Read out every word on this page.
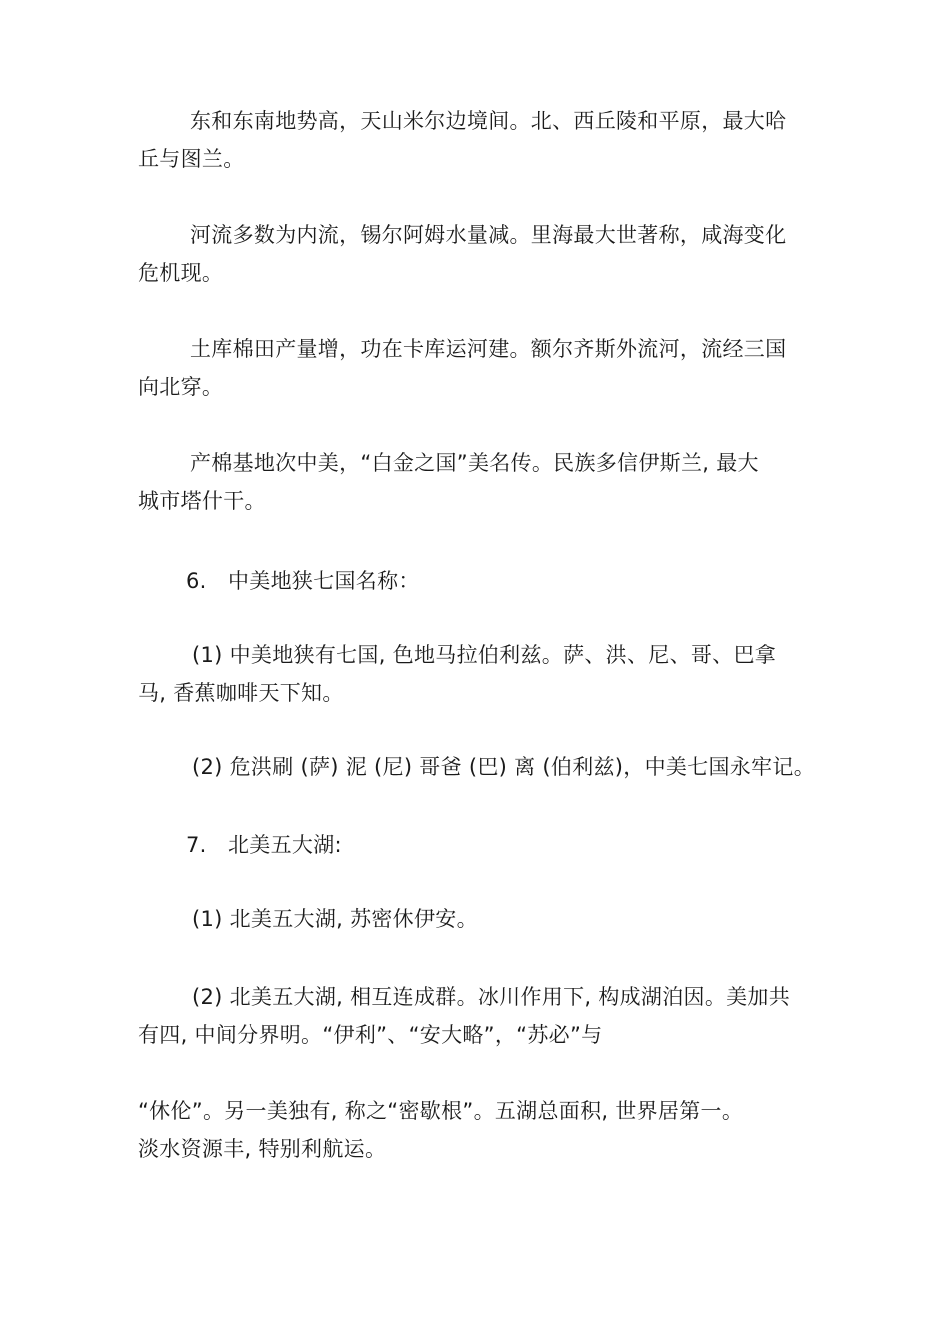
东和东南地势高，天山米尔边境间。北、西丘陵和平原，最大哈
丘与图兰。
河流多数为内流，锡尔阿姆水量减。里海最大世著称，咸海变化
危机现。
土库棉田产量增，功在卡库运河建。额尔齐斯外流河，流经三国
向北穿。
产棉基地次中美，“白金之国”美名传。民族多信伊斯兰, 最大
城市塔什干。
6. 中美地狭七国名称：
(1) 中美地狭有七国, 色地马拉伯利兹。萨、洪、尼、哥、巴拿
马, 香蕉咖啡天下知。
(2) 危洪刷 (萨) 泥 (尼) 哥爸 (巴) 离 (伯利兹)，中美七国永牢记。
7. 北美五大湖:
(1) 北美五大湖, 苏密休伊安。
(2) 北美五大湖, 相互连成群。冰川作用下, 构成湖泊因。美加共
有四, 中间分界明。“伊利”、“安大略”，“苏必”与
“休伦”。另一美独有, 称之“密歇根”。五湖总面积, 世界居第一。
淡水资源丰, 特别利航运。
